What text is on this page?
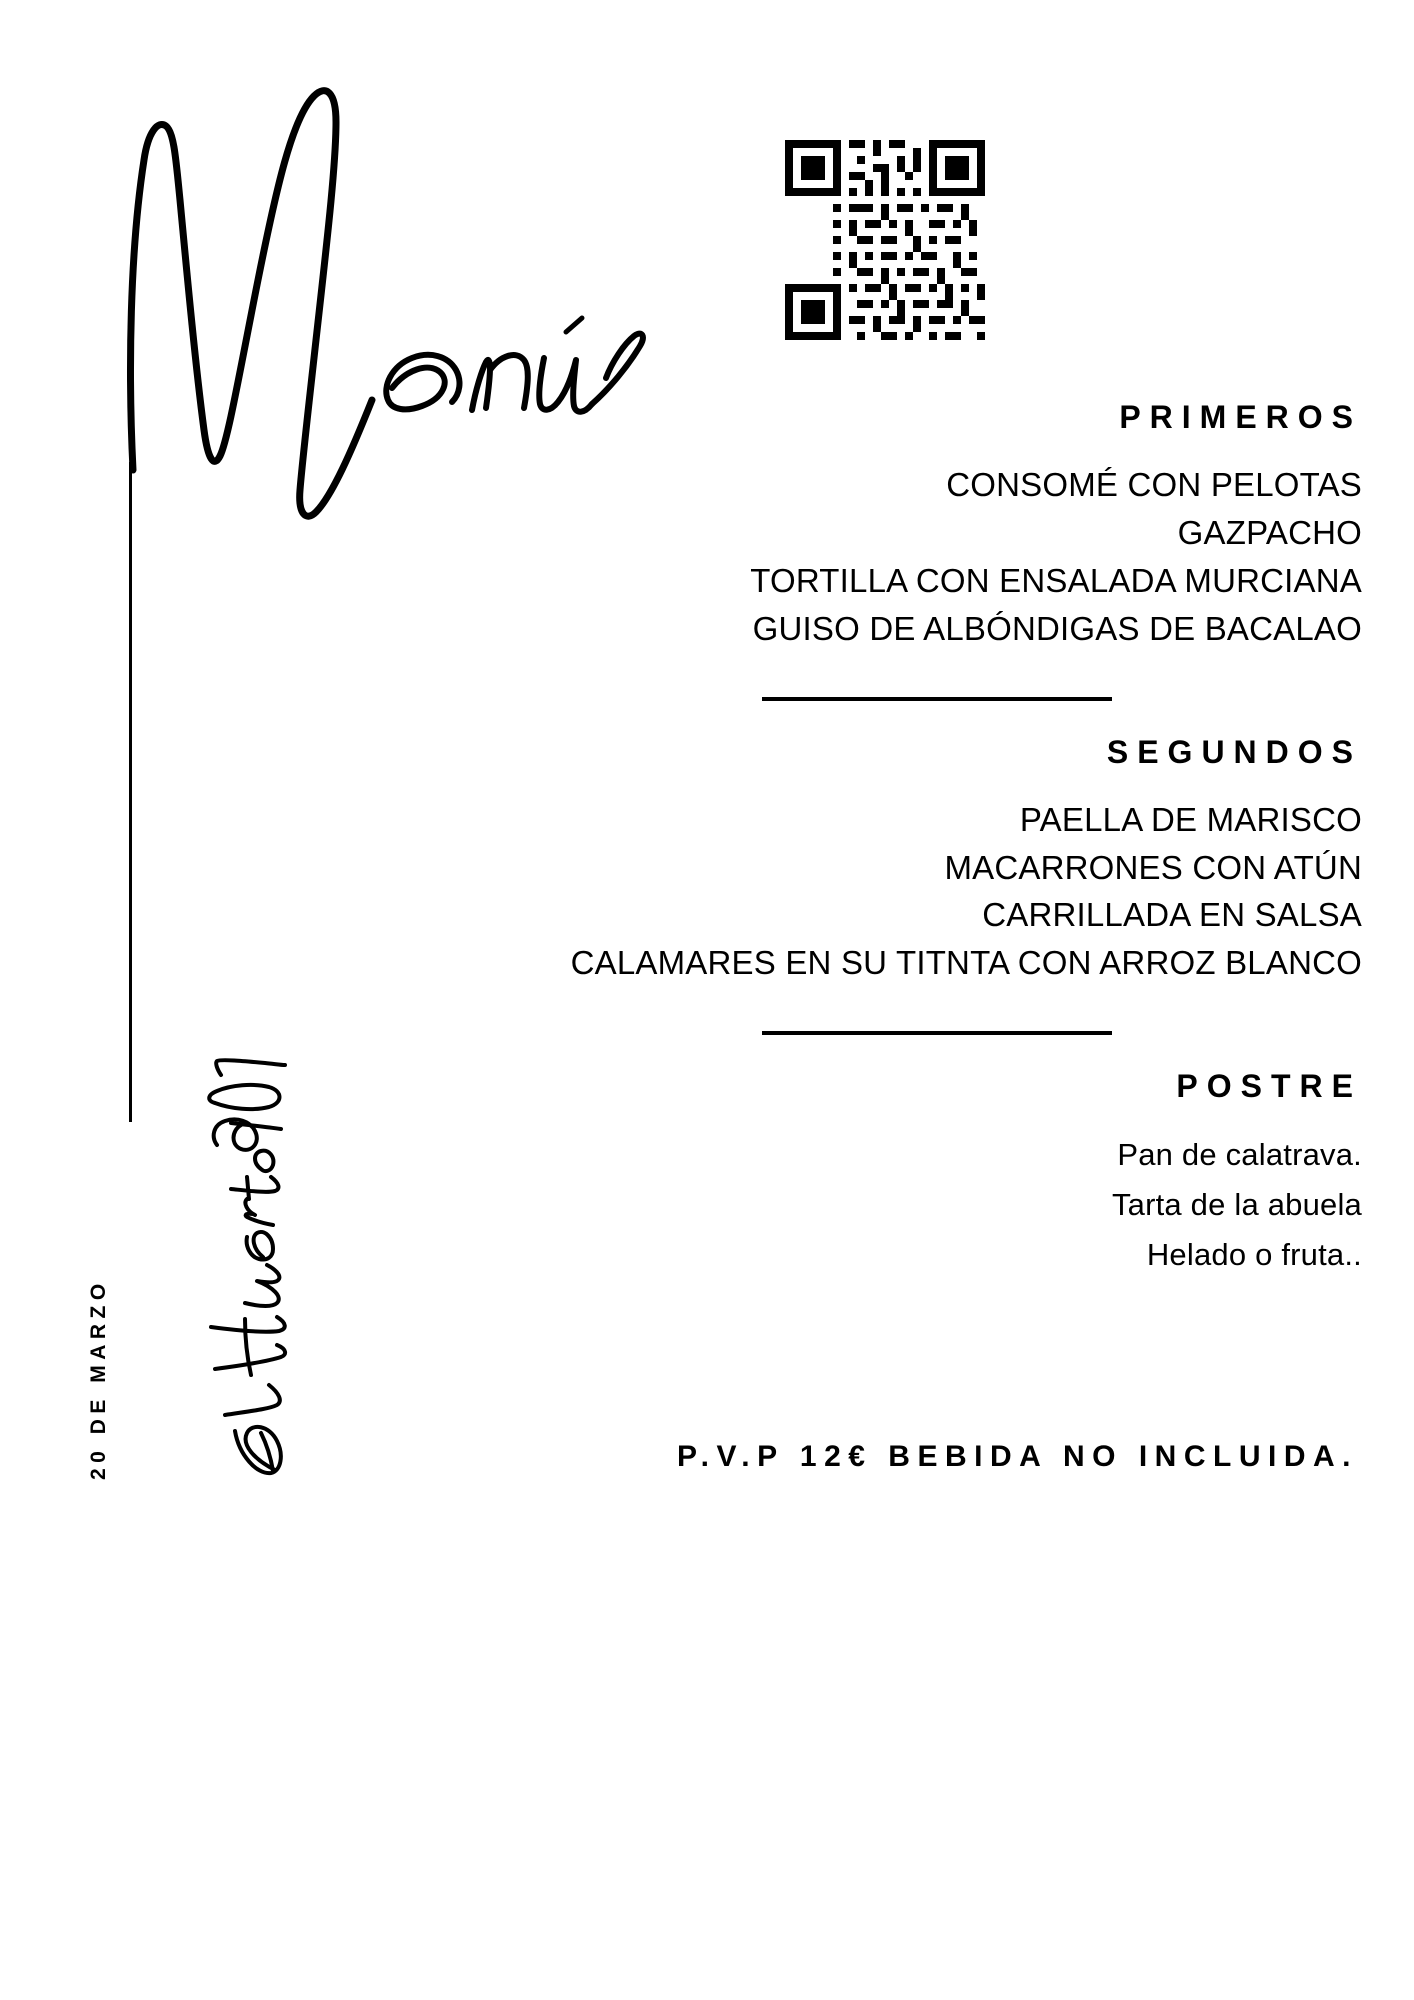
20 DE MARZO
PRIMEROS
CONSOMÉ CON PELOTAS
GAZPACHO
TORTILLA CON ENSALADA MURCIANA
GUISO DE ALBÓNDIGAS DE BACALAO
SEGUNDOS
PAELLA DE MARISCO
MACARRONES CON ATÚN
CARRILLADA EN SALSA
CALAMARES EN SU TITNTA CON ARROZ BLANCO
POSTRE
Pan de calatrava.
Tarta de la abuela
Helado o fruta..
P.V.P 12€ BEBIDA NO INCLUIDA.
